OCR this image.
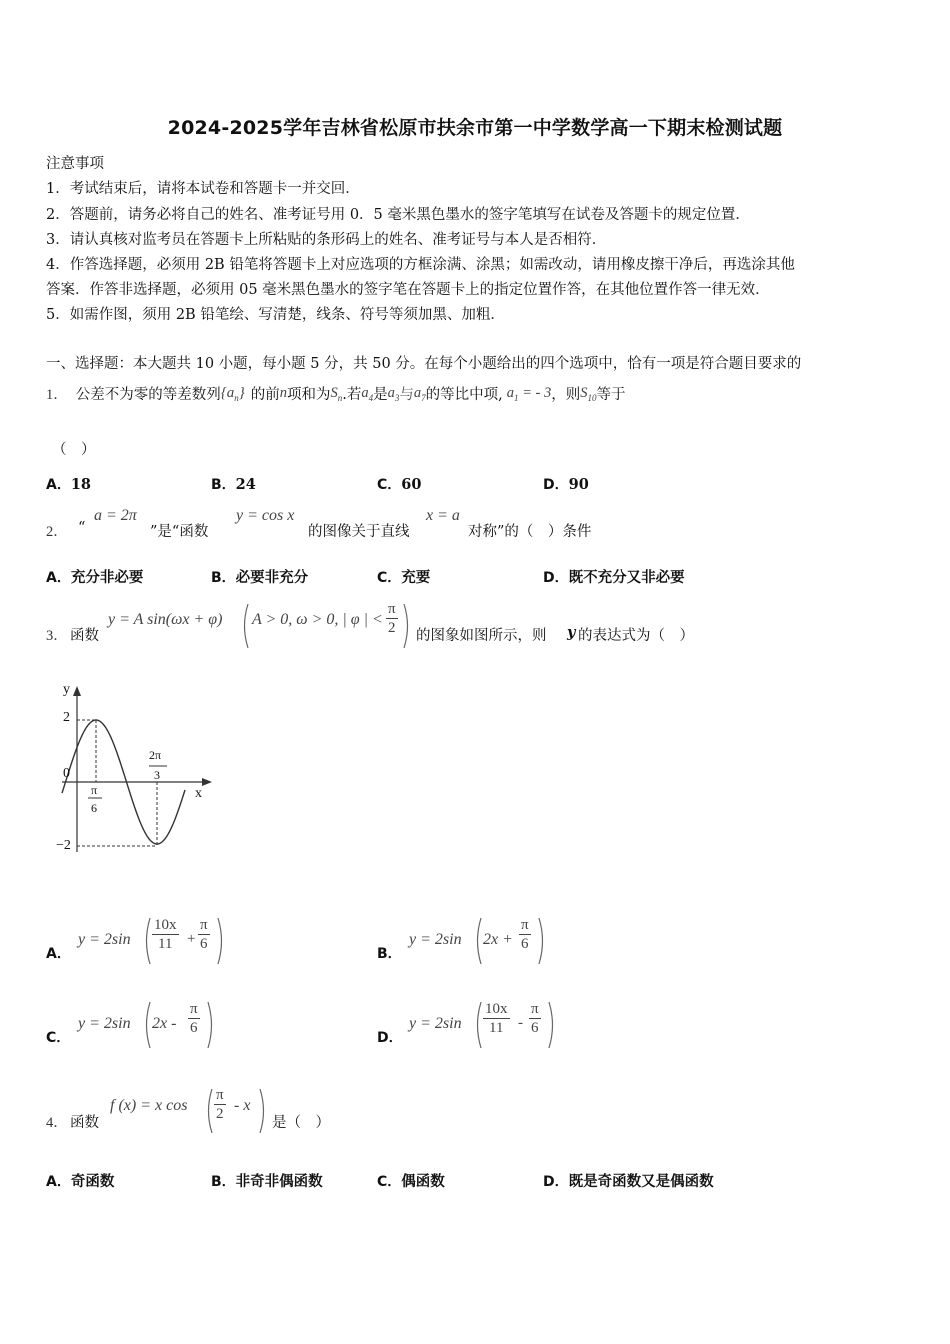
2024-2025学年吉林省松原市扶余市第一中学数学高一下期末检测试题
注意事项
1．考试结束后，请将本试卷和答题卡一并交回．
2．答题前，请务必将自己的姓名、准考证号用 0．5 毫米黑色墨水的签字笔填写在试卷及答题卡的规定位置．
3．请认真核对监考员在答题卡上所粘贴的条形码上的姓名、准考证号与本人是否相符．
4．作答选择题，必须用 2B 铅笔将答题卡上对应选项的方框涂满、涂黑；如需改动，请用橡皮擦干净后，再选涂其他
答案．作答非选择题，必须用 05 毫米黑色墨水的签字笔在答题卡上的指定位置作答，在其他位置作答一律无效．
5．如需作图，须用 2B 铅笔绘、写清楚，线条、符号等须加黑、加粗．
一、选择题：本大题共 10 小题，每小题 5 分，共 50 分。在每个小题给出的四个选项中，恰有一项是符合题目要求的
1． 公差不为零的等差数列 $\{a_n\}$ 的前 n 项和为 $S_n$ .若 $a_4$ 是 $a_3$ 与 $a_7$ 的等比中项, $a_1$ = - 3 ，则 $S_{10}$ 等于
（　）
A．18	B．24	C．60	D．90
2． “
a = 2π
”是“函数
y = cos x
的图像关于直线
x = a
对称”的（　）条件
A．充分非必要	B．必要非充分	C．充要	D．既不充分又非必要
3． 函数
y = A sin(ωx + φ) A > 0, ω > 0, | φ | < $\frac{\pi}{2}$ 的图象如图所示，则 y 的表达式为（　）
y
x
2
0
−2
π
6
2π
3
A．
$y = 2\sin \frac{10x}{11} + \frac{\pi}{6}$
B．
y = 2sin $2x + \frac{\pi}{6}$
C．
y = 2sin $2x - \frac{\pi}{6}$
D．
$y = 2\sin \frac{10x}{11} - \frac{\pi}{6}$
4． 函数
f (x) = x $\cos \frac{\pi}{2}$ - x
是（　）
A．奇函数	B．非奇非偶函数	C．偶函数	D．既是奇函数又是偶函数
